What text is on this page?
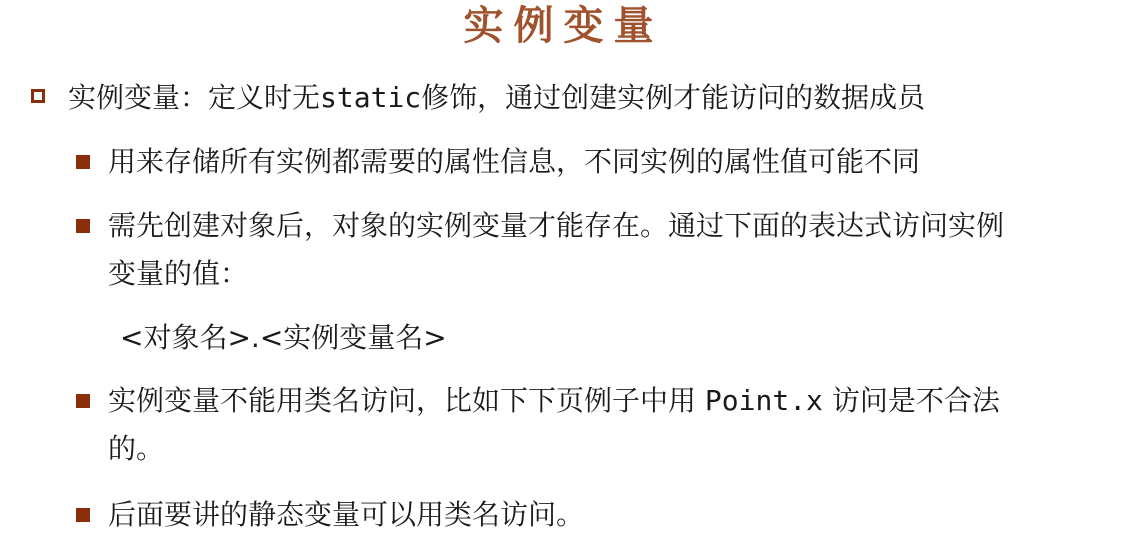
实例变量
实例变量：定义时无static修饰，通过创建实例才能访问的数据成员
用来存储所有实例都需要的属性信息，不同实例的属性值可能不同
需先创建对象后，对象的实例变量才能存在。通过下面的表达式访问实例
变量的值：
<对象名>.<实例变量名>
实例变量不能用类名访问，比如下下页例子中用 Point.x 访问是不合法
的。
后面要讲的静态变量可以用类名访问。
